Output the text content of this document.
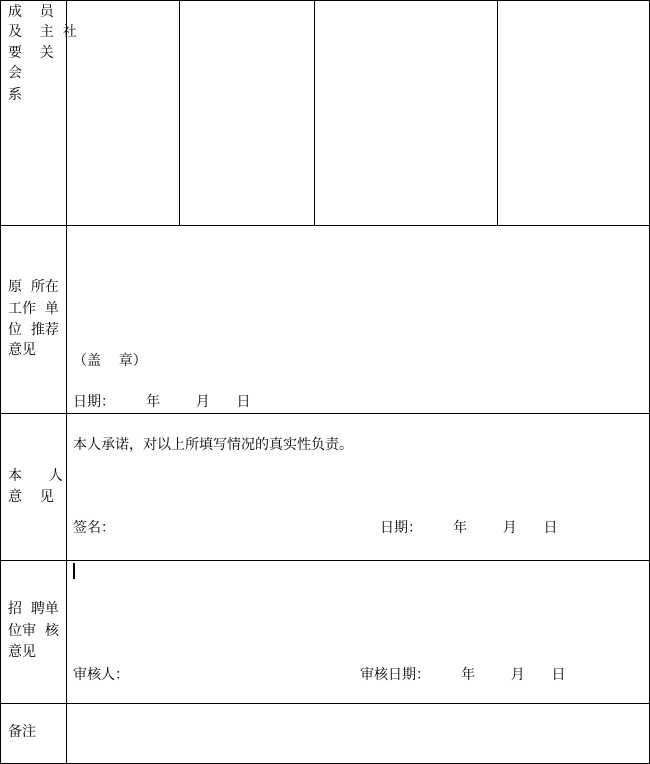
成    员
及    主  社
要    关
会
系
原  所在
工作  单
位  推荐
意见
（盖    章）
日期：       年        月      日
本      人
意    见
本人承诺，对以上所填写情况的真实性负责。
签名：	日期：       年        月      日
招  聘单
位审  核
意见
审核人：	审核日期：       年        月      日
备注
